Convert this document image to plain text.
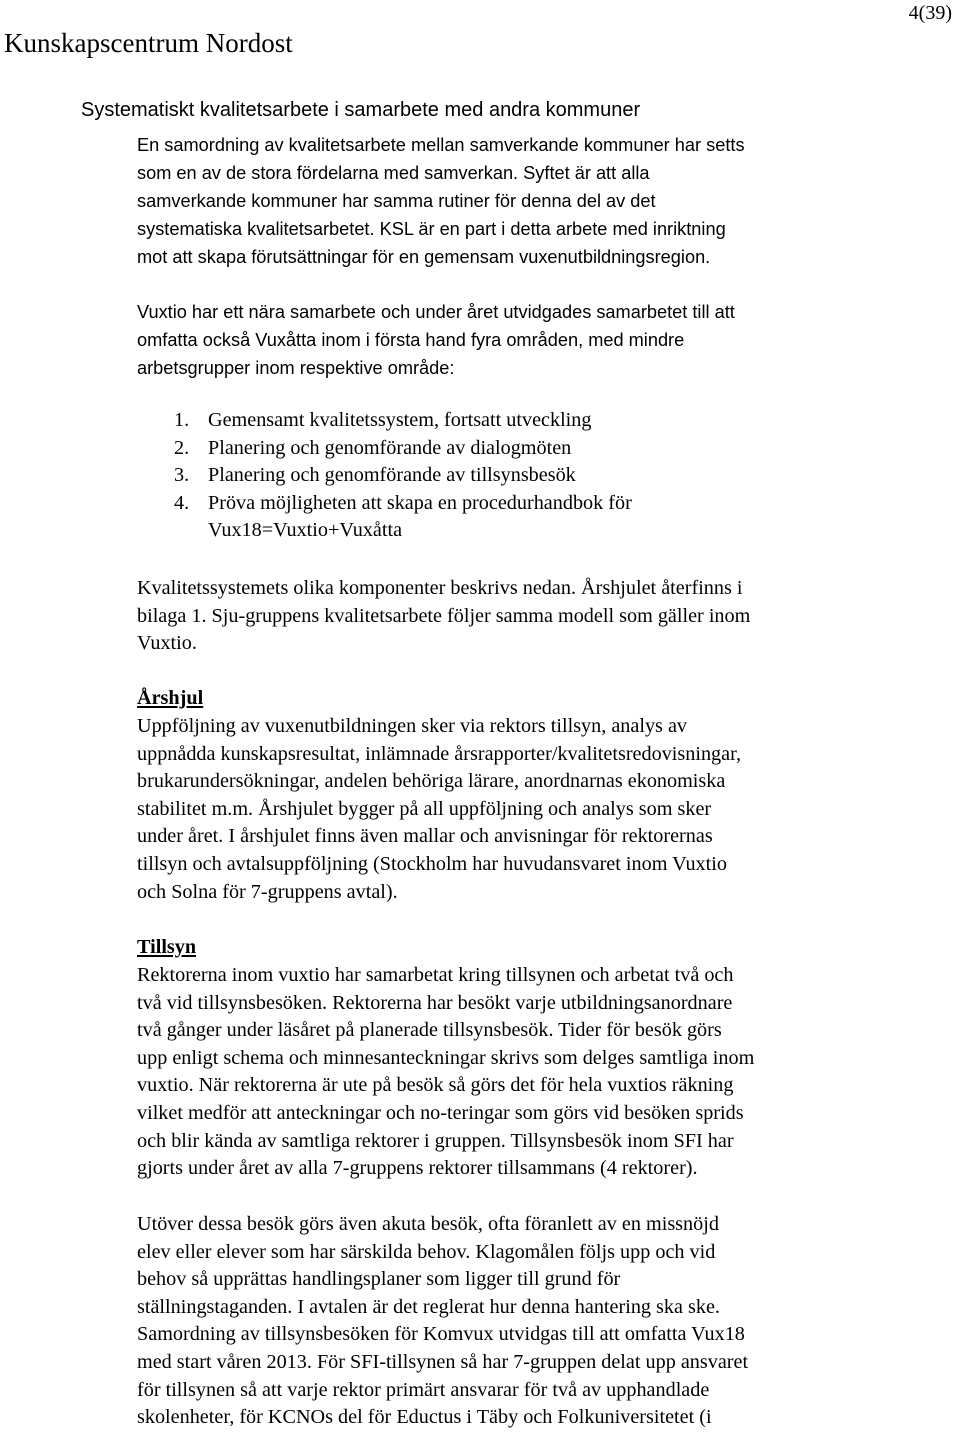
Kunskapscentrum Nordost
4(39)
Systematiskt kvalitetsarbete i samarbete med andra kommuner

En samordning av kvalitetsarbete mellan samverkande kommuner har setts
som en av de stora fördelarna med samverkan. Syftet är att alla
samverkande kommuner har samma rutiner för denna del av det
systematiska kvalitetsarbetet. KSL är en part i detta arbete med inriktning
mot att skapa förutsättningar för en gemensam vuxenutbildningsregion.

Vuxtio har ett nära samarbete och under året utvidgades samarbetet till att
omfatta också Vuxåtta inom i första hand fyra områden, med mindre
arbetsgrupper inom respektive område:

1. Gemensamt kvalitetssystem, fortsatt utveckling
2. Planering och genomförande av dialogmöten
3. Planering och genomförande av tillsynsbesök
4. Pröva möjligheten att skapa en procedurhandbok för
Vux18=Vuxtio+Vuxåtta

Kvalitetssystemets olika komponenter beskrivs nedan. Årshjulet återfinns i
bilaga 1. Sju-gruppens kvalitetsarbete följer samma modell som gäller inom
Vuxtio.

Årshjul

Uppföljning av vuxenutbildningen sker via rektors tillsyn, analys av
uppnådda kunskapsresultat, inlämnade årsrapporter/kvalitetsredovisningar,
brukarundersökningar, andelen behöriga lärare, anordnarnas ekonomiska
stabilitet m.m. Årshjulet bygger på all uppföljning och analys som sker
under året. I årshjulet finns även mallar och anvisningar för rektorernas
tillsyn och avtalsuppföljning (Stockholm har huvudansvaret inom Vuxtio
och Solna för 7-gruppens avtal).

Tillsyn

Rektorerna inom vuxtio har samarbetat kring tillsynen och arbetat två och
två vid tillsynsbesöken. Rektorerna har besökt varje utbildningsanordnare
två gånger under läsåret på planerade tillsynsbesök. Tider för besök görs
upp enligt schema och minnesanteckningar skrivs som delges samtliga inom
vuxtio. När rektorerna är ute på besök så görs det för hela vuxtios räkning
vilket medför att anteckningar och no-teringar som görs vid besöken sprids
och blir kända av samtliga rektorer i gruppen. Tillsynsbesök inom SFI har
gjorts under året av alla 7-gruppens rektorer tillsammans (4 rektorer).

Utöver dessa besök görs även akuta besök, ofta föranlett av en missnöjd
elev eller elever som har särskilda behov. Klagomålen följs upp och vid
behov så upprättas handlingsplaner som ligger till grund för
ställningstaganden. I avtalen är det reglerat hur denna hantering ska ske.
Samordning av tillsynsbesöken för Komvux utvidgas till att omfatta Vux18
med start våren 2013. För SFI-tillsynen så har 7-gruppen delat upp ansvaret
för tillsynen så att varje rektor primärt ansvarar för två av upphandlade
skolenheter, för KCNOs del för Eductus i Täby och Folkuniversitetet (i
